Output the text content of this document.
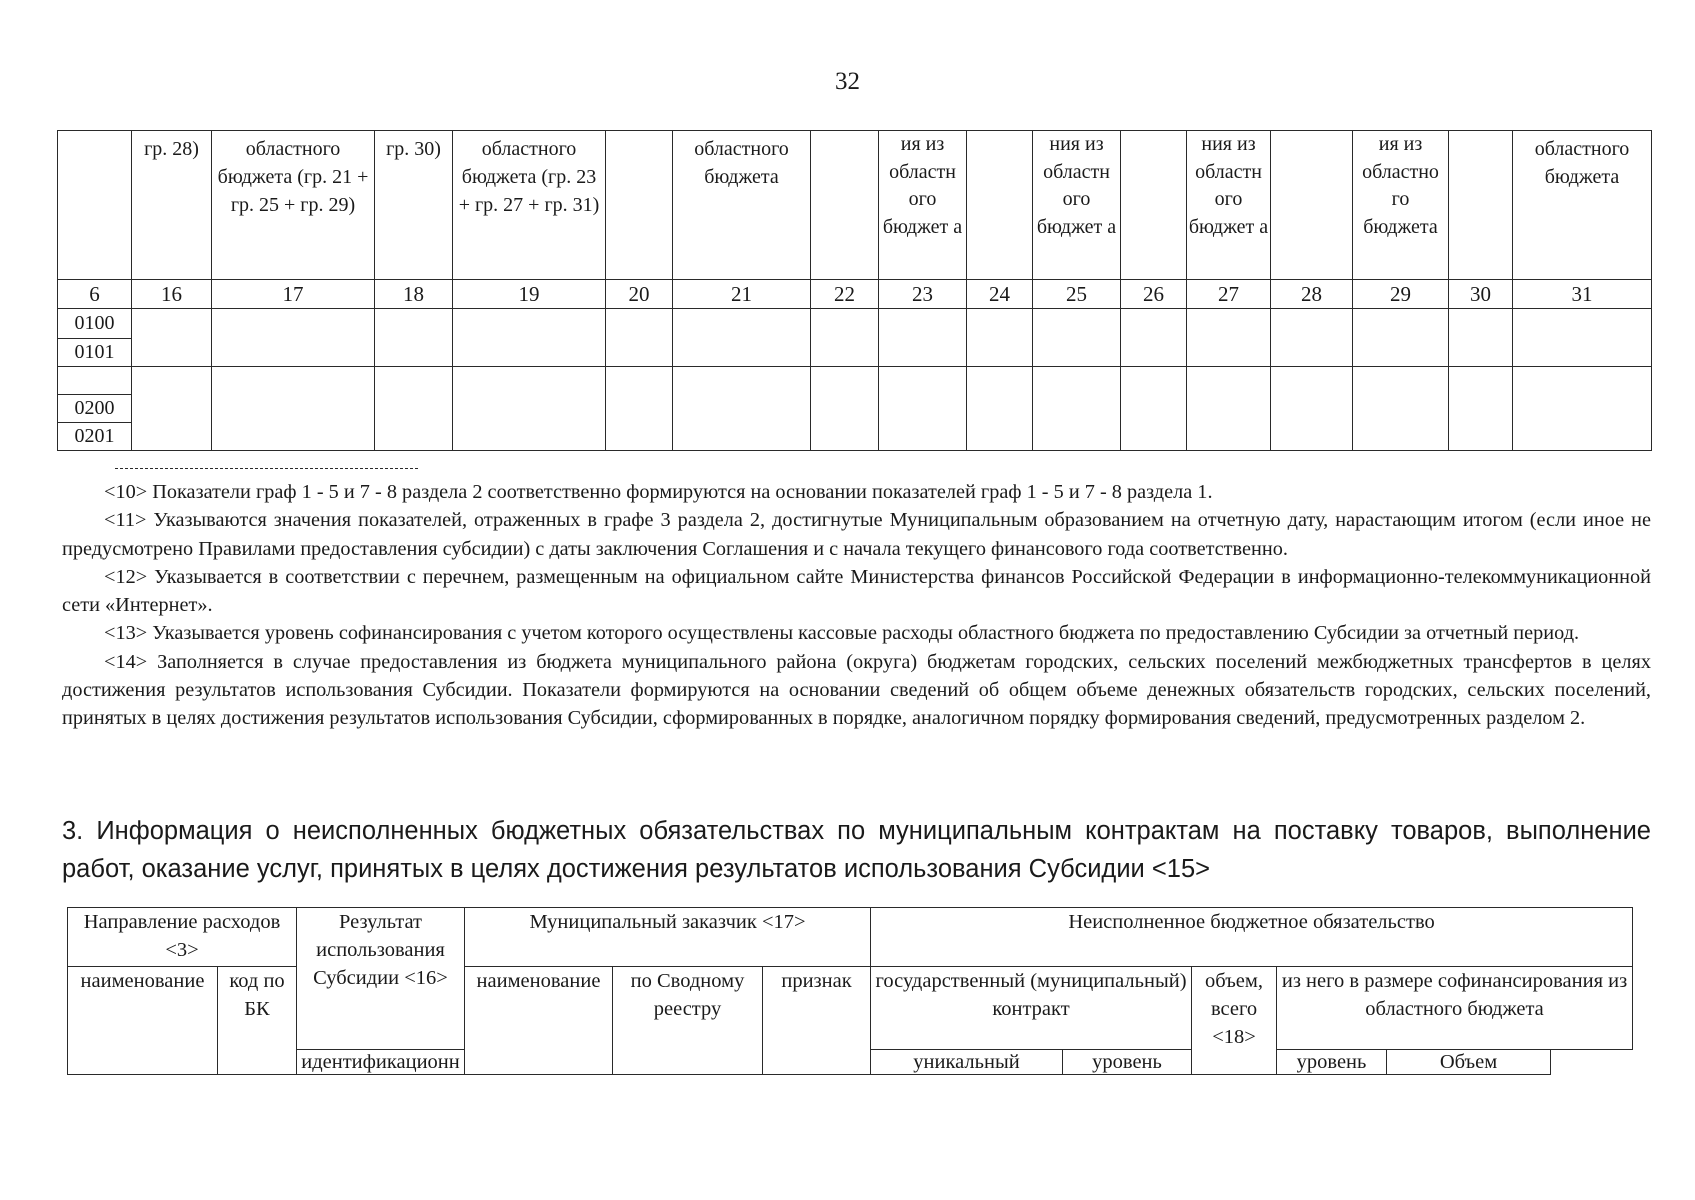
32
	гр. 28)	областного бюджета (гр. 21 + гр. 25 + гр. 29)	гр. 30)	областного бюджета (гр. 23 + гр. 27 + гр. 31)		областного бюджета		ия из областн ого бюджет а		ния из областн ого бюджет а		ния из областн ого бюджет а		ия из областно го бюджета		областного бюджета
6	16	17	18	19	20	21	22	23	24	25	26	27	28	29	30	31
0100																
0101																

0200																
0201																

<10> Показатели граф 1 - 5 и 7 - 8 раздела 2 соответственно формируются на основании показателей граф 1 - 5 и 7 - 8 раздела 1.

<11> Указываются значения показателей, отраженных в графе 3 раздела 2, достигнутые Муниципальным образованием на отчетную дату, нарастающим итогом (если иное не предусмотрено Правилами предоставления субсидии) с даты заключения Соглашения и с начала текущего финансового года соответственно.

<12> Указывается в соответствии с перечнем, размещенным на официальном сайте Министерства финансов Российской Федерации в информационно-телекоммуникационной сети «Интернет».

<13> Указывается уровень софинансирования с учетом которого осуществлены кассовые расходы областного бюджета по предоставлению Субсидии за отчетный период.

<14> Заполняется в случае предоставления из бюджета муниципального района (округа) бюджетам городских, сельских поселений межбюджетных трансфертов в целях достижения результатов использования Субсидии. Показатели формируются на основании сведений об общем объеме денежных обязательств городских, сельских поселений, принятых в целях достижения результатов использования Субсидии, сформированных в порядке, аналогичном порядку формирования сведений, предусмотренных разделом 2.

3. Информация о неисполненных бюджетных обязательствах по муниципальным контрактам на поставку товаров, выполнение работ, оказание услуг, принятых в целях достижения результатов использования Субсидии <15>
Направление расходов <3>		Результат использования Субсидии <16>	Муниципальный заказчик <17>			Неисполненное бюджетное обязательство				
наименование	код по БК		наименование	по Сводному реестру	признак	государственный (муниципальный) контракт		объем, всего <18>	из него в размере софинансирования из областного бюджета	
		идентификационн				уникальный	уровень		уровень	Объем
